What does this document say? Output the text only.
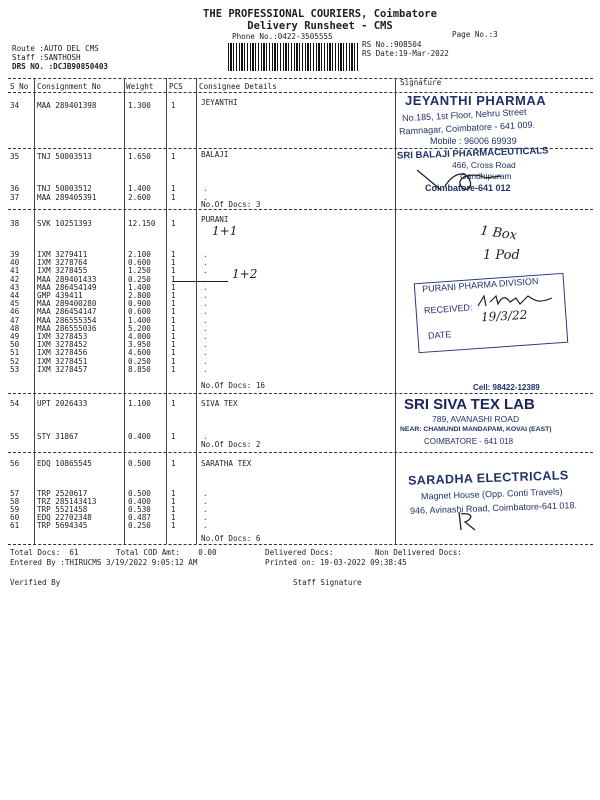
THE PROFESSIONAL COURIERS, Coimbatore
Delivery Runsheet - CMS
Phone No.:0422-3505555	Page No.:3
Route :AUTO DEL CMS
Staff :SANTHOSH
DRS NO. :DCJB90850403
RS No.:908504
RS Date:19-Mar-2022
S No Consignment No	Weight PCS Consignee Details	Signature
34 MAA 289401398	1.300	1	JEYANTHI
35 TNJ 50003513	1.650	1	BALAJI
36 TNJ 50003512	1.400	1	.
37 MAA 289405391	2.600	1	.
No.Of Docs: 3
38 SVK 10251393	12.150 1	PURANI
39 IXM 3279411	2.100	1	.
40 IXM 3278764	0.600	1	.
41 IXM 3278455	1.250	1	.
42 MAA 289401433	0.250	1	.
43 MAA 286454149	1.400	1	.
44 GMP 439411	2.800	1	.
45 MAA 289400280	0.900	1	.
46 MAA 286454147	0.600	1	.
47 MAA 286555354	1.400	1	.
48 MAA 286555036	5.200	1	.
49 IXM 3278453	4.000	1	.
50 IXM 3278452	3.950	1	.
51 IXM 3278456	4.600	1	.
52 IXM 3278451	0.250	1	.
53 IXM 3278457	8.850	1	.
No.Of Docs: 16
54 UPT 2026433	1.100	1	SIVA TEX
55 STY 31867	0.400	1	.
No.Of Docs: 2
56 EDQ 10865545	0.500	1	SARATHA TEX
57 TRP 2520617	0.500	1	.
58 TRZ 285143413	0.400	1	.
59 TRP 5521458	0.530	1	.
60 EDQ 22702348	0.487	1	.
61 TRP 5694345	0.250	1	.
No.Of Docs: 6
1+1
1+2
1 Box
1 Pod
JEYANTHI PHARMAA
No.185, 1st Floor, Nehru Street
Ramnagar, Coimbatore - 641 009.
Mobile : 96006 69939
SRI BALAJI PHARMACEUTICALS
466, Cross Road
Gandhipuram
Coimbatore-641 012
PURANI PHARMA DIVISION
RECEIVED:
DATE
19/3/22
Cell: 98422-12389
SRI SIVA TEX LAB
789, AVANASHI ROAD
NEAR: CHAMUNDI MANDAPAM, KOVAI (EAST)
COIMBATORE - 641 018
SARADHA ELECTRICALS
Magnet House (Opp. Conti Travels)
946, Avinashi Road, Coimbatore-641 018.
Total Docs:  61	Total COD Amt:    0.00	Delivered Docs:	Non Delivered Docs:
Entered By :THIRUCMS 3/19/2022 9:05:12 AM	Printed on: 19-03-2022 09:38:45
Verified By	Staff Signature
